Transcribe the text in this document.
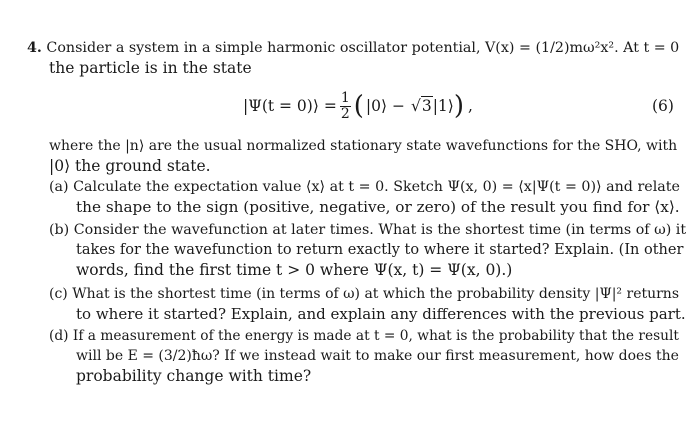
4. Consider a system in a simple harmonic oscillator potential, V(x) = (1/2)mω²x². At t = 0
the particle is in the state
|Ψ(t = 0)⟩ = $\frac{1}{2}$ ( |0⟩ − √3 |1⟩ ) ,	(6)
where the |n⟩ are the usual normalized stationary state wavefunctions for the SHO, with
|0⟩ the ground state.
(a) Calculate the expectation value ⟨x⟩ at t = 0. Sketch Ψ(x, 0) = ⟨x|Ψ(t = 0)⟩ and relate
the shape to the sign (positive, negative, or zero) of the result you find for ⟨x⟩.
(b) Consider the wavefunction at later times. What is the shortest time (in terms of ω) it
takes for the wavefunction to return exactly to where it started? Explain. (In other
words, find the first time t > 0 where Ψ(x, t) = Ψ(x, 0).)
(c) What is the shortest time (in terms of ω) at which the probability density |Ψ|² returns
to where it started? Explain, and explain any differences with the previous part.
(d) If a measurement of the energy is made at t = 0, what is the probability that the result
will be E = (3/2)ħω? If we instead wait to make our first measurement, how does the
probability change with time?
